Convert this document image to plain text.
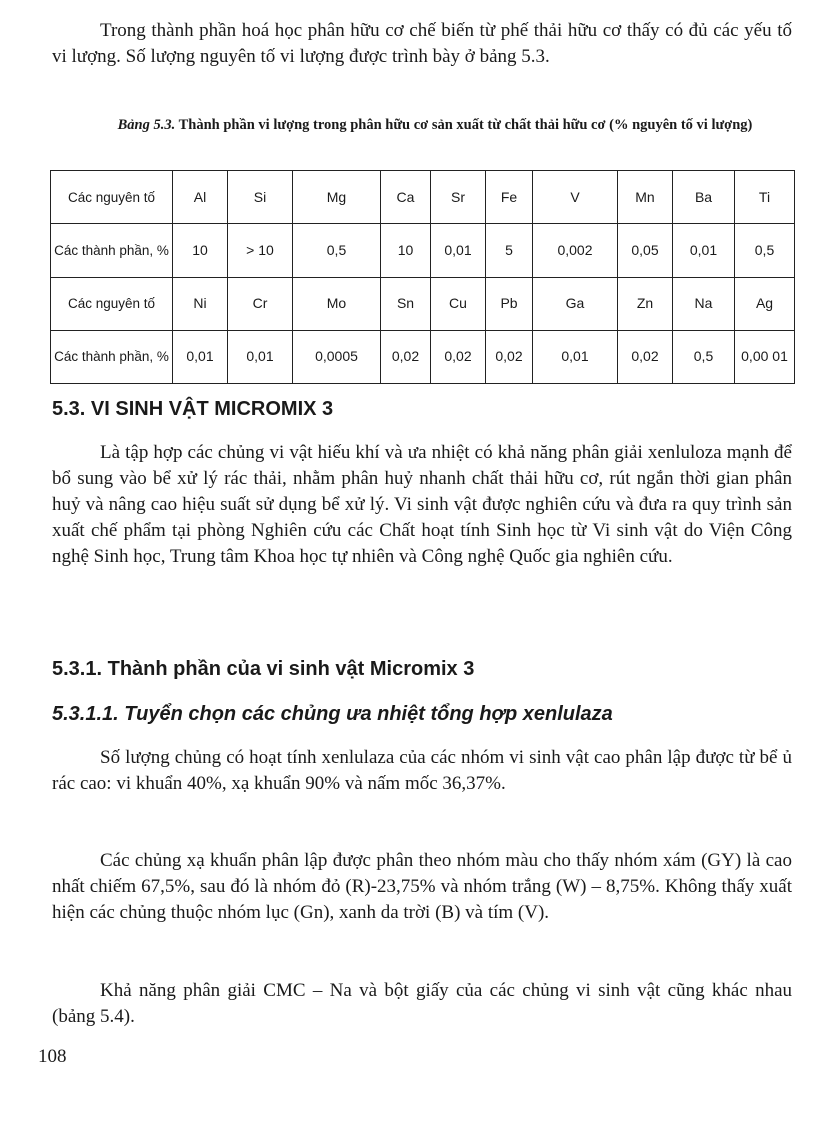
Trong thành phần hoá học phân hữu cơ chế biến từ phế thải hữu cơ thấy có đủ các yếu tố vi lượng. Số lượng nguyên tố vi lượng được trình bày ở bảng 5.3.

Bảng 5.3. Thành phần vi lượng trong phân hữu cơ sản xuất từ chất thải hữu cơ (% nguyên tố vi lượng)

Các nguyên tố	Al	Si	Mg	Ca	Sr	Fe	V	Mn	Ba	Ti
Các thành phần, %	10	> 10	0,5	10	0,01	5	0,002	0,05	0,01	0,5
Các nguyên tố	Ni	Cr	Mo	Sn	Cu	Pb	Ga	Zn	Na	Ag
Các thành phần, %	0,01	0,01	0,0005	0,02	0,02	0,02	0,01	0,02	0,5	0,00 01
5.3. VI SINH VẬT MICROMIX 3

Là tập hợp các chủng vi vật hiếu khí và ưa nhiệt có khả năng phân giải xenluloza mạnh để bổ sung vào bể xử lý rác thải, nhằm phân huỷ nhanh chất thải hữu cơ, rút ngắn thời gian phân huỷ và nâng cao hiệu suất sử dụng bể xử lý. Vi sinh vật được nghiên cứu và đưa ra quy trình sản xuất chế phẩm tại phòng Nghiên cứu các Chất hoạt tính Sinh học từ Vi sinh vật do Viện Công nghệ Sinh học, Trung tâm Khoa học tự nhiên và Công nghệ Quốc gia nghiên cứu.

5.3.1. Thành phần của vi sinh vật Micromix 3
5.3.1.1. Tuyển chọn các chủng ưa nhiệt tổng hợp xenlulaza

Số lượng chủng có hoạt tính xenlulaza của các nhóm vi sinh vật cao phân lập được từ bể ủ rác cao: vi khuẩn 40%, xạ khuẩn 90% và nấm mốc 36,37%.

Các chủng xạ khuẩn phân lập được phân theo nhóm màu cho thấy nhóm xám (GY) là cao nhất chiếm 67,5%, sau đó là nhóm đỏ (R)-23,75% và nhóm trắng (W) – 8,75%. Không thấy xuất hiện các chủng thuộc nhóm lục (Gn), xanh da trời (B) và tím (V).

Khả năng phân giải CMC – Na và bột giấy của các chủng vi sinh vật cũng khác nhau (bảng 5.4).

108
